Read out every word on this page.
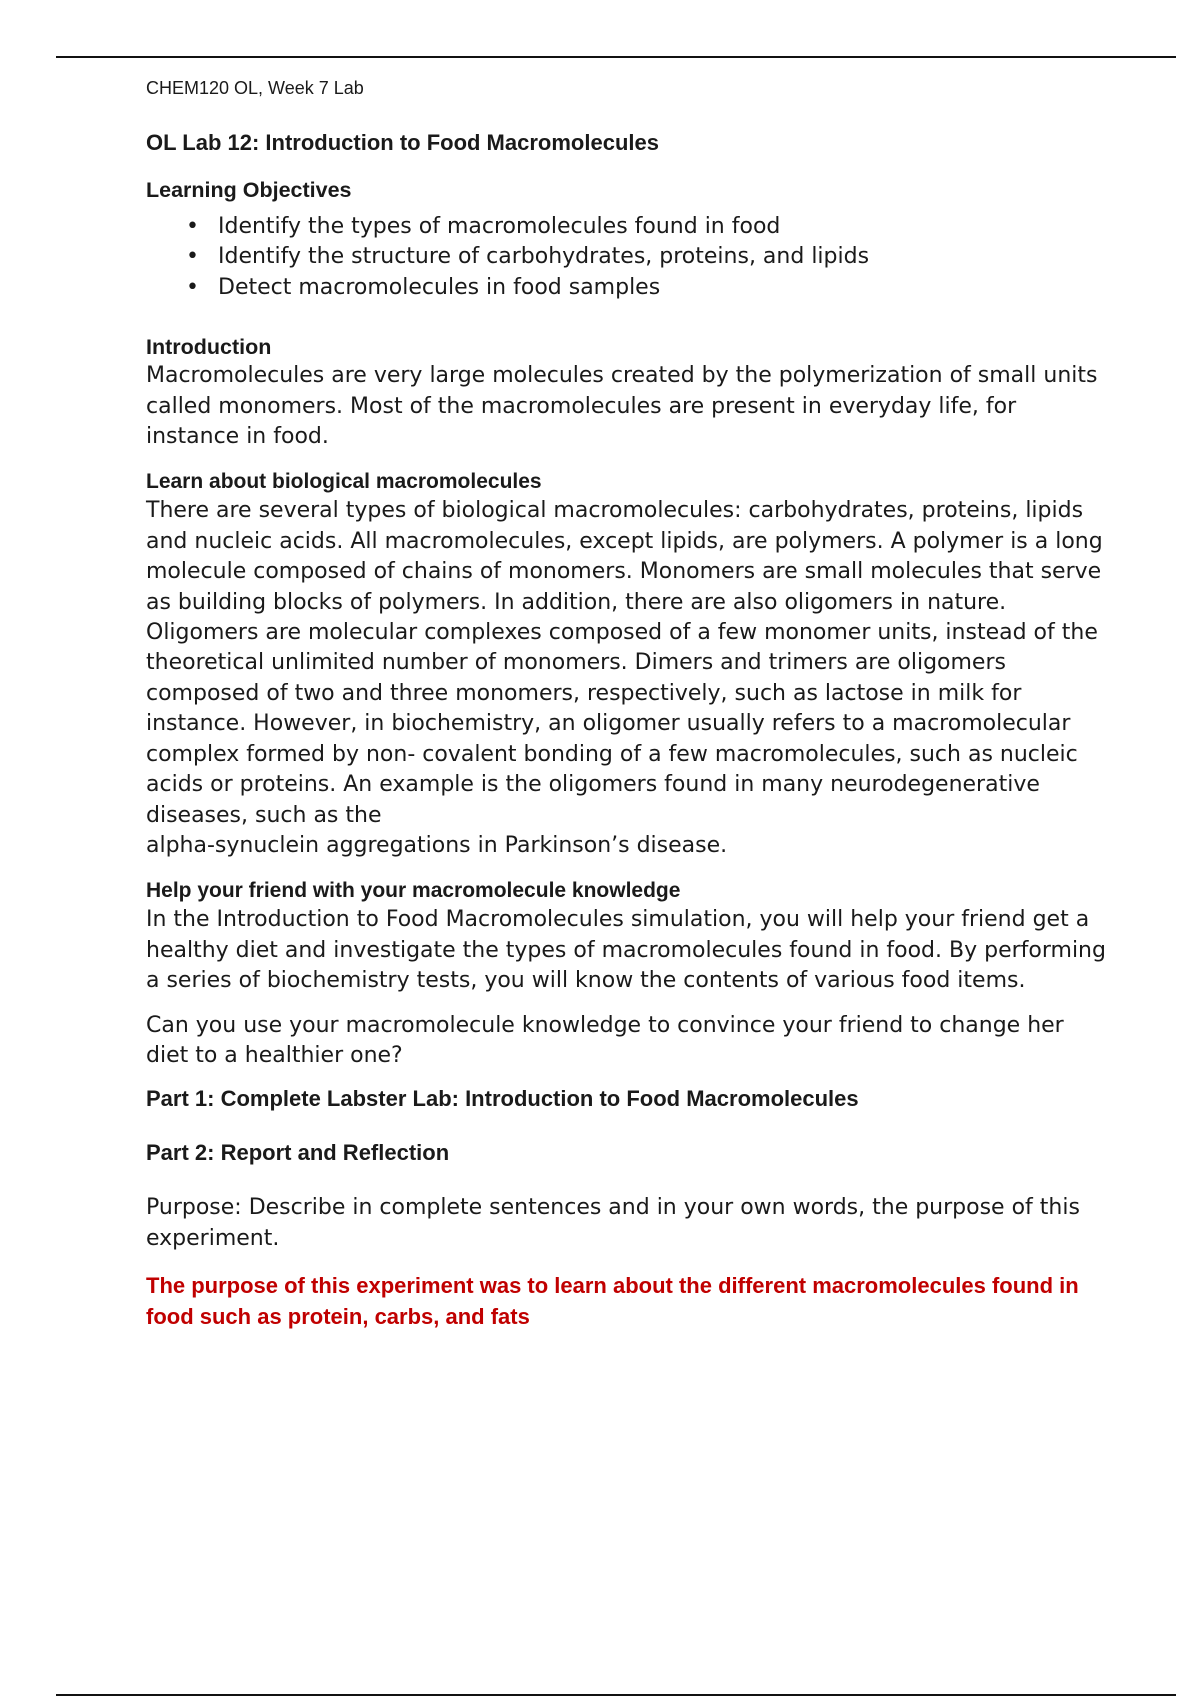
CHEM120 OL, Week 7 Lab
OL Lab 12: Introduction to Food Macromolecules
Learning Objectives
• Identify the types of macromolecules found in food
• Identify the structure of carbohydrates, proteins, and lipids
• Detect macromolecules in food samples
Introduction

Macromolecules are very large molecules created by the polymerization of small units called monomers. Most of the macromolecules are present in everyday life, for instance in food.

Learn about biological macromolecules

There are several types of biological macromolecules: carbohydrates, proteins, lipids and nucleic acids. All macromolecules, except lipids, are polymers. A polymer is a long molecule composed of chains of monomers. Monomers are small molecules that serve as building blocks of polymers. In addition, there are also oligomers in nature.

Oligomers are molecular complexes composed of a few monomer units, instead of the theoretical unlimited number of monomers. Dimers and trimers are oligomers composed of two and three monomers, respectively, such as lactose in milk for instance. However, in biochemistry, an oligomer usually refers to a macromolecular complex formed by non- covalent bonding of a few macromolecules, such as nucleic acids or proteins. An example is the oligomers found in many neurodegenerative diseases, such as the

alpha-synuclein aggregations in Parkinson’s disease.

Help your friend with your macromolecule knowledge

In the Introduction to Food Macromolecules simulation, you will help your friend get a healthy diet and investigate the types of macromolecules found in food. By performing a series of biochemistry tests, you will know the contents of various food items.

Can you use your macromolecule knowledge to convince your friend to change her diet to a healthier one?

Part 1: Complete Labster Lab: Introduction to Food Macromolecules
Part 2: Report and Reflection

Purpose: Describe in complete sentences and in your own words, the purpose of this experiment.

The purpose of this experiment was to learn about the different macromolecules found in food such as protein, carbs, and fats
